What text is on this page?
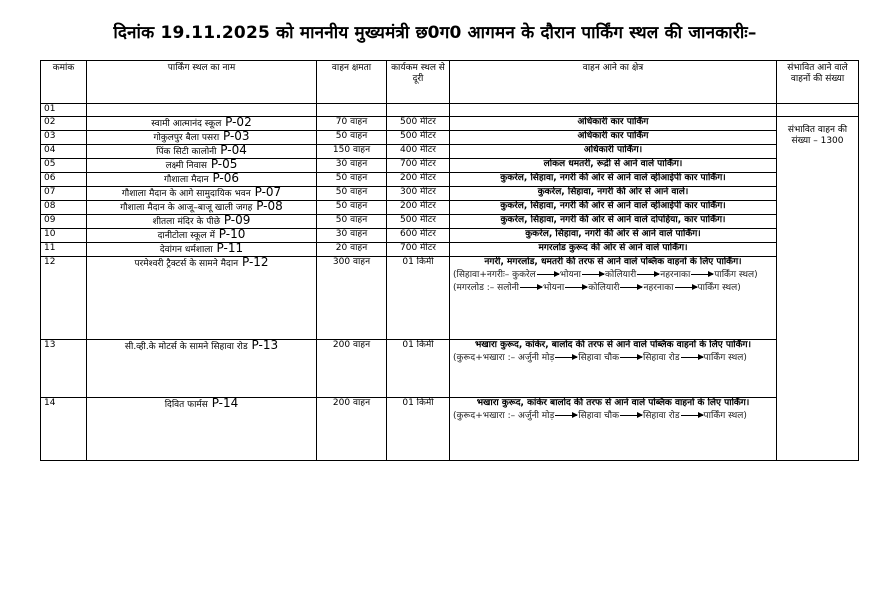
दिनांक 19.11.2025 को माननीय मुख्यमंत्री छ0ग0 आगमन के दौरान पार्किंग स्थल की जानकारीः–
कमांक	पार्किंग स्थल का नाम	वाहन क्षमता	कार्यकम स्थल से दूरी	वाहन आने का क्षेत्र	संभावित आने वाले वाहनों की संख्या
01				

02	स्वामी आत्मानंद स्कूल P-02	70 वाहन	500 मीटर	अधिकारी कार पार्किंग	संभावित वाहन की संख्या – 1300
03	गोकुलपुर बैला पसरा P-03	50 वाहन	500 मीटर	अधिकारी कार पार्किंग	

04	पिंक सिटी कालोनी P-04	150 वाहन	400 मीटर	अधिकारी पार्किंग।	

05	लक्ष्मी निवास P-05	30 वाहन	700 मीटर	लोकल धमतरी, रूद्री से आने वाले पार्किंग।	

06	गौशाला मैदान P-06	50 वाहन	200 मीटर	कुकरेल, सिहावा, नगरी की ओर से आने वाले व्हीआईपी कार पार्किंग।	

07	गौशाला मैदान के आगे सामुदायिक भवन P-07	50 वाहन	300 मीटर	कुकरेल, सिहावा, नगरी की ओर से आने वाले।	

08	गौशाला मैदान के आजू–बाजू खाली जगह P-08	50 वाहन	200 मीटर	कुकरेल, सिहावा, नगरी की ओर से आने वाले व्हीआईपी कार पार्किंग।	

09	शीतला मंदिर के पीछे P-09	50 वाहन	500 मीटर	कुकरेल, सिहावा, नगरी की ओर से आने वाले दोपहिया, कार पार्किंग।	

10	दानीटोला स्कूल में P-10	30 वाहन	600 मीटर	कुकरेल, सिहावा, नगरी की ओर से आने वाले पार्किंग।	

11	देवांगन धर्मशाला P-11	20 वाहन	700 मीटर	मगरलोड कुरूद की ओर से आने वाले पार्किंग।	

12	परमेश्वरी ट्रैक्टर्स के सामने मैदान P-12	300 वाहन	01 किमी	नगरी, मगरलोड, धमतरी की तरफ से आने वाले पब्लिक वाहनों के लिए पार्किंग।
(सिहावा+नगरीः– कुकरेल भोयना कोलियारी नहरनाका पार्किंग स्थल)
(मगरलोड :– सलोनी भोयना कोलियारी नहरनाका पार्किंग स्थल)	

13	सी.व्ही.के मोटर्स के सामने सिहावा रोड P-13	200 वाहन	01 किमी	भखारा कुरूद, कांकेर, बालोद की तरफ से आने वाले पब्लिक वाहनों के लिए पार्किंग।
(कुरूद+भखारा :– अर्जुनी मोड़ सिहावा चौक सिहावा रोड पार्किंग स्थल)	

14	दिवित फार्मस P-14	200 वाहन	01 किमी	भखारा कुरूद, कांकेर बालोद की तरफ से आने वाले पब्लिक वाहनों के लिए पार्किंग।
(कुरूद+भखारा :– अर्जुनी मोड़ सिहावा चौक सिहावा रोड पार्किंग स्थल)	
